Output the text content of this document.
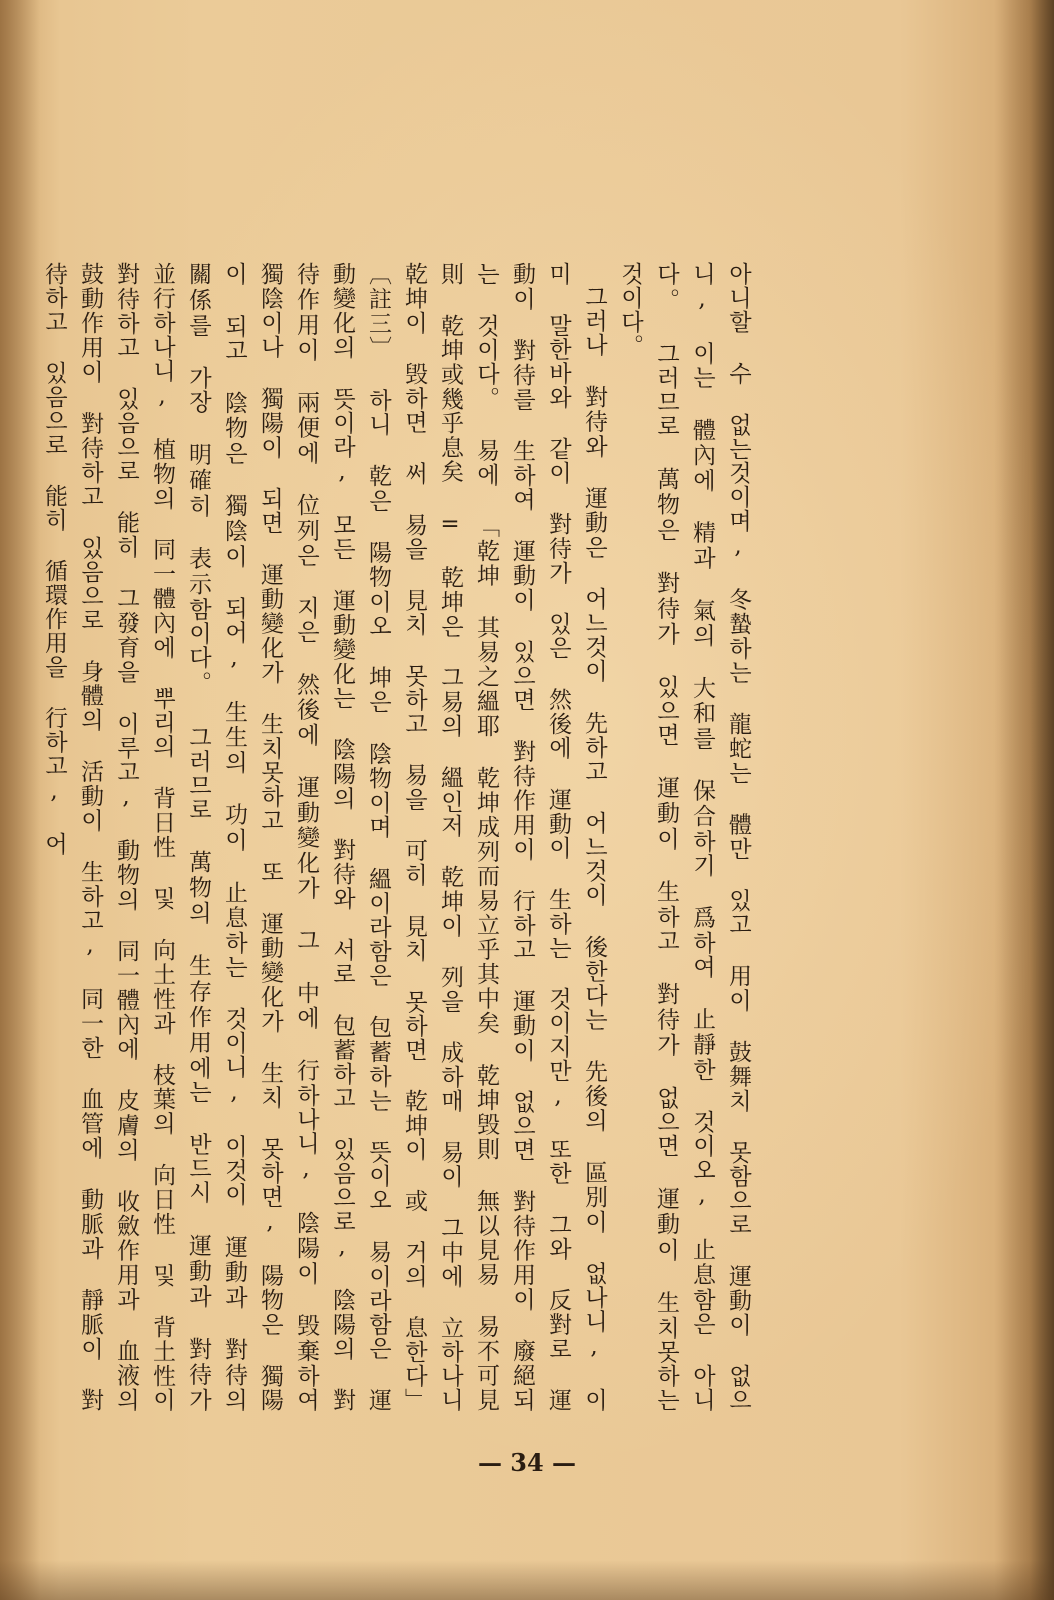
아니할 수 없는것이며, 冬蟄하는 龍蛇는 體만 있고 用이 鼓舞치 못함으로 運動이 없으니, 이는 體內에 精과 氣의 大和를 保合하기 爲하여 止靜한 것이오, 止息함은 아니다。 그러므로 萬物은 對待가 있으면 運動이 生하고 對待가 없으면 運動이 生치못하는 것이다。

그러나 對待와 運動은 어느것이 先하고 어느것이 後한다는 先後의 區別이 없나니, 이미 말한바와 같이 對待가 있은 然後에 運動이 生하는 것이지만, 또한 그와 反對로 運動이 對待를 生하여 運動이 있으면 對待作用이 行하고 運動이 없으면 對待作用이 廢絕되는 것이다。 易에 「乾坤 其易之縕耶 乾坤成列而易立乎其中矣 乾坤毁則 無以見易 易不可見則 乾坤或幾乎息矣 = 乾坤은 그易의 縕인저 乾坤이 列을 成하매 易이 그中에 立하나니 乾坤이 毁하면 써 易을 見치 못하고 易을 可히 見치 못하면 乾坤이 或 거의 息한다」 〔註三〕 하니 乾은 陽物이오 坤은 陰物이며 縕이라함은 包蓄하는 뜻이오 易이라함은 運動變化의 뜻이라, 모든 運動變化는 陰陽의 對待와 서로 包蓄하고 있음으로, 陰陽의 對待作用이 兩便에 位列은 지은 然後에 運動變化가 그 中에 行하나니, 陰陽이 毁棄하여 獨陰이나 獨陽이 되면 運動變化가 生치못하고 또 運動變化가 生치 못하면, 陽物은 獨陽이 되고 陰物은 獨陰이 되어, 生生의 功이 止息하는 것이니, 이것이 運動과 對待의 關係를 가장 明確히 表示함이다。 그러므로 萬物의 生存作用에는 반드시 運動과 對待가 並行하나니, 植物의 同一體內에 뿌리의 背日性 및 向土性과 枝葉의 向日性 및 背土性이 對待하고 있음으로 能히 그發育을 이루고, 動物의 同一體內에 皮膚의 收斂作用과 血液의 鼓動作用이 對待하고 있음으로 身體의 活動이 生하고, 同一한 血管에 動脈과 靜脈이 對待하고 있음으로 能히 循環作用을 行하고, 어

— 34 —
